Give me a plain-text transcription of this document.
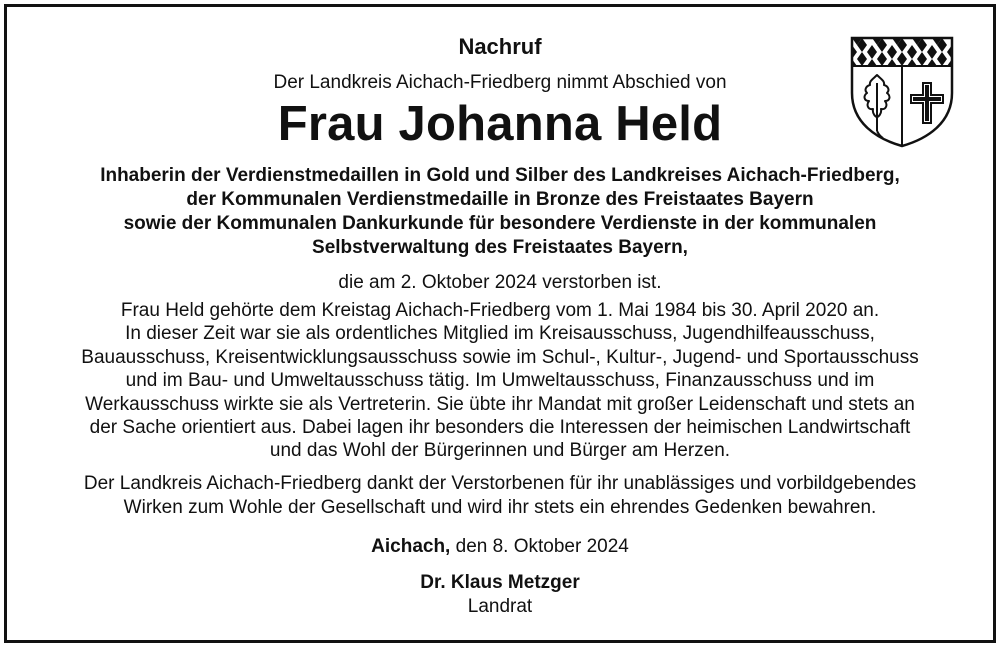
Nachruf
Der Landkreis Aichach-Friedberg nimmt Abschied von
Frau Johanna Held
Inhaberin der Verdienstmedaillen in Gold und Silber des Landkreises Aichach-Friedberg,
der Kommunalen Verdienstmedaille in Bronze des Freistaates Bayern
sowie der Kommunalen Dankurkunde für besondere Verdienste in der kommunalen
Selbstverwaltung des Freistaates Bayern,
die am 2. Oktober 2024 verstorben ist.
Frau Held gehörte dem Kreistag Aichach-Friedberg vom 1. Mai 1984 bis 30. April 2020 an.
In dieser Zeit war sie als ordentliches Mitglied im Kreisausschuss, Jugendhilfeausschuss,
Bauausschuss, Kreisentwicklungsausschuss sowie im Schul-, Kultur-, Jugend- und Sportausschuss
und im Bau- und Umweltausschuss tätig. Im Umweltausschuss, Finanzausschuss und im
Werkausschuss wirkte sie als Vertreterin. Sie übte ihr Mandat mit großer Leidenschaft und stets an
der Sache orientiert aus. Dabei lagen ihr besonders die Interessen der heimischen Landwirtschaft
und das Wohl der Bürgerinnen und Bürger am Herzen.
Der Landkreis Aichach-Friedberg dankt der Verstorbenen für ihr unablässiges und vorbildgebendes
Wirken zum Wohle der Gesellschaft und wird ihr stets ein ehrendes Gedenken bewahren.
Aichach, den 8. Oktober 2024
Dr. Klaus Metzger
Landrat
